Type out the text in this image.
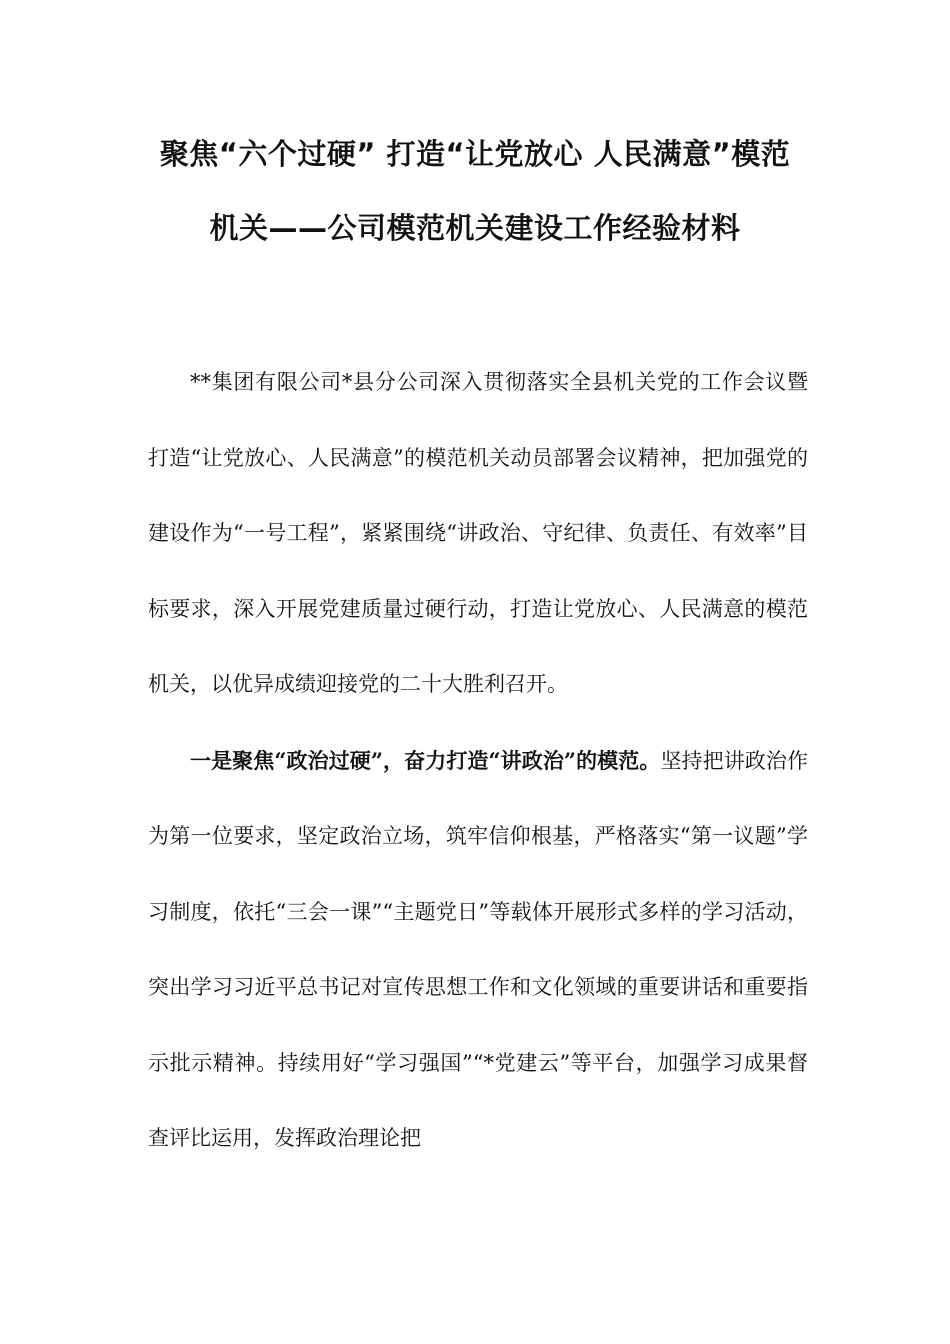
聚焦“六个过硬” 打造“让党放心 人民满意”模范
机关——公司模范机关建设工作经验材料

**集团有限公司*县分公司深入贯彻落实全县机关党的工作会议暨打造“让党放心、人民满意”的模范机关动员部署会议精神，把加强党的建设作为“一号工程”，紧紧围绕“讲政治、守纪律、负责任、有效率”目标要求，深入开展党建质量过硬行动，打造让党放心、人民满意的模范机关，以优异成绩迎接党的二十大胜利召开。

一是聚焦“政治过硬”，奋力打造“讲政治”的模范。坚持把讲政治作为第一位要求，坚定政治立场，筑牢信仰根基，严格落实“第一议题”学习制度，依托“三会一课”“主题党日”等载体开展形式多样的学习活动，突出学习习近平总书记对宣传思想工作和文化领域的重要讲话和重要指示批示精神。持续用好“学习强国”“*党建云”等平台，加强学习成果督查评比运用，发挥政治理论把
